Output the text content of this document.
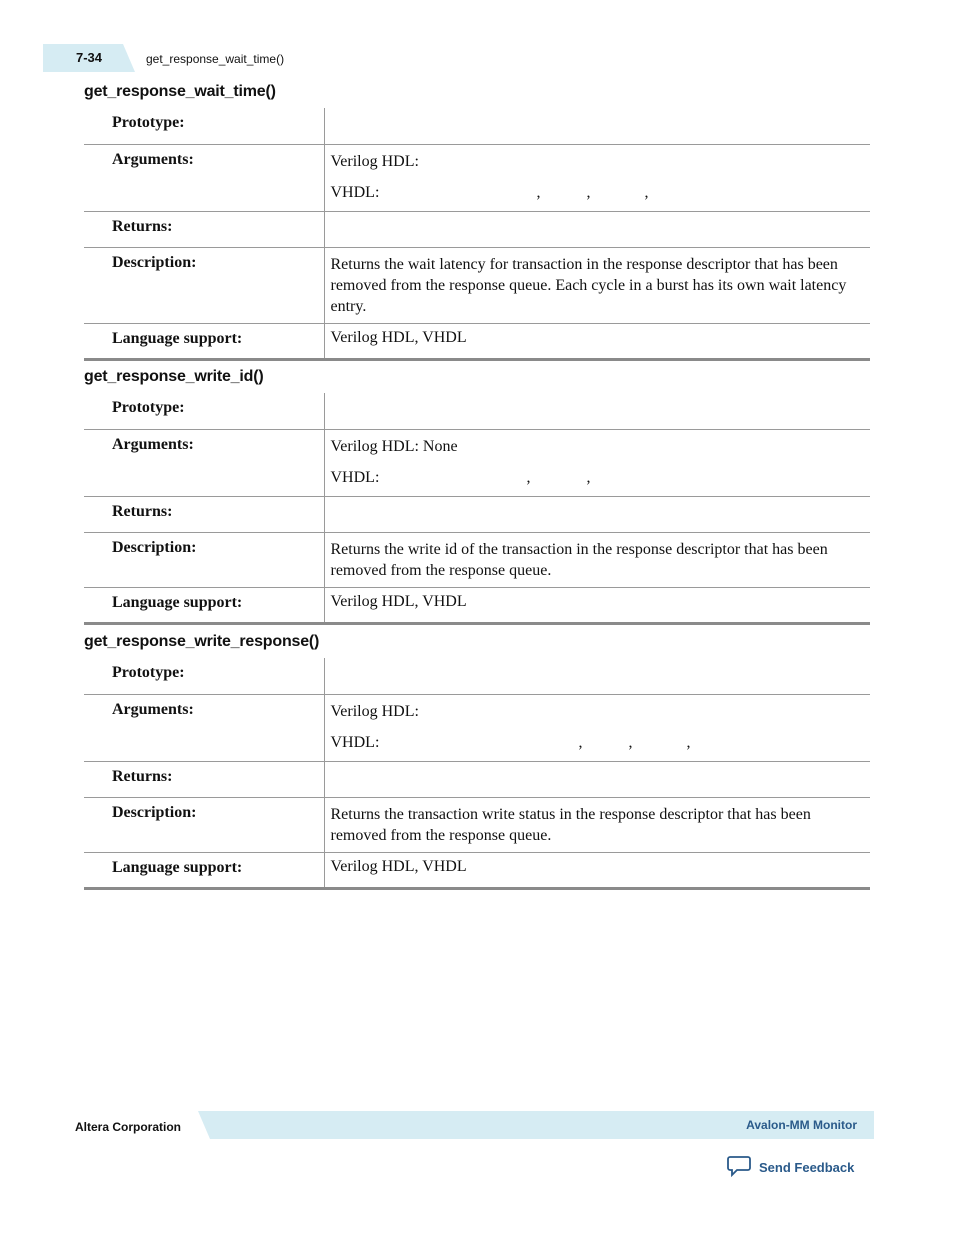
7-34	get_response_wait_time()
get_response_wait_time()
Prototype:	
Arguments:	Verilog HDL:
VHDL: , , ,

Returns:	
Description:	Returns the wait latency for transaction in the response descriptor that has been removed from the response queue. Each cycle in a burst has its own wait latency entry.
Language support:	Verilog HDL, VHDL
get_response_write_id()
Prototype:	
Arguments:	Verilog HDL: None
VHDL: , ,

Returns:	
Description:	Returns the write id of the transaction in the response descriptor that has been removed from the response queue.
Language support:	Verilog HDL, VHDL
get_response_write_response()
Prototype:	
Arguments:	Verilog HDL:
VHDL: , , ,

Returns:	
Description:	Returns the transaction write status in the response descriptor that has been removed from the response queue.
Language support:	Verilog HDL, VHDL
Altera Corporation	Avalon-MM Monitor
Send Feedback
